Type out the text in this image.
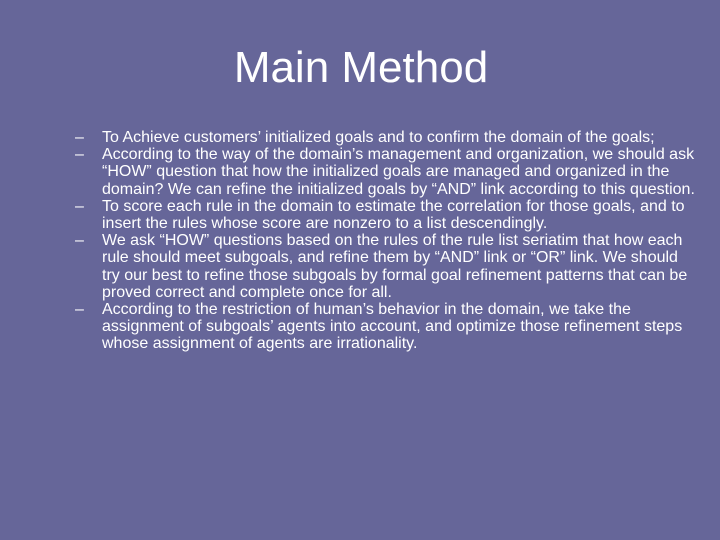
Main Method
– To Achieve customers’ initialized goals and to confirm the domain of the goals;
– According to the way of the domain’s management and organization, we should ask “HOW” question that how the initialized goals are managed and organized in the domain? We can refine the initialized goals by “AND” link according to this question.
– To score each rule in the domain to estimate the correlation for those goals, and to insert the rules whose score are nonzero to a list descendingly.
– We ask “HOW” questions based on the rules of the rule list seriatim that how each rule should meet subgoals, and refine them by “AND” link or “OR” link. We should try our best to refine those subgoals by formal goal refinement patterns that can be proved correct and complete once for all.
– According to the restriction of human’s behavior in the domain, we take the assignment of subgoals’ agents into account, and optimize those refinement steps whose assignment of agents are irrationality.
